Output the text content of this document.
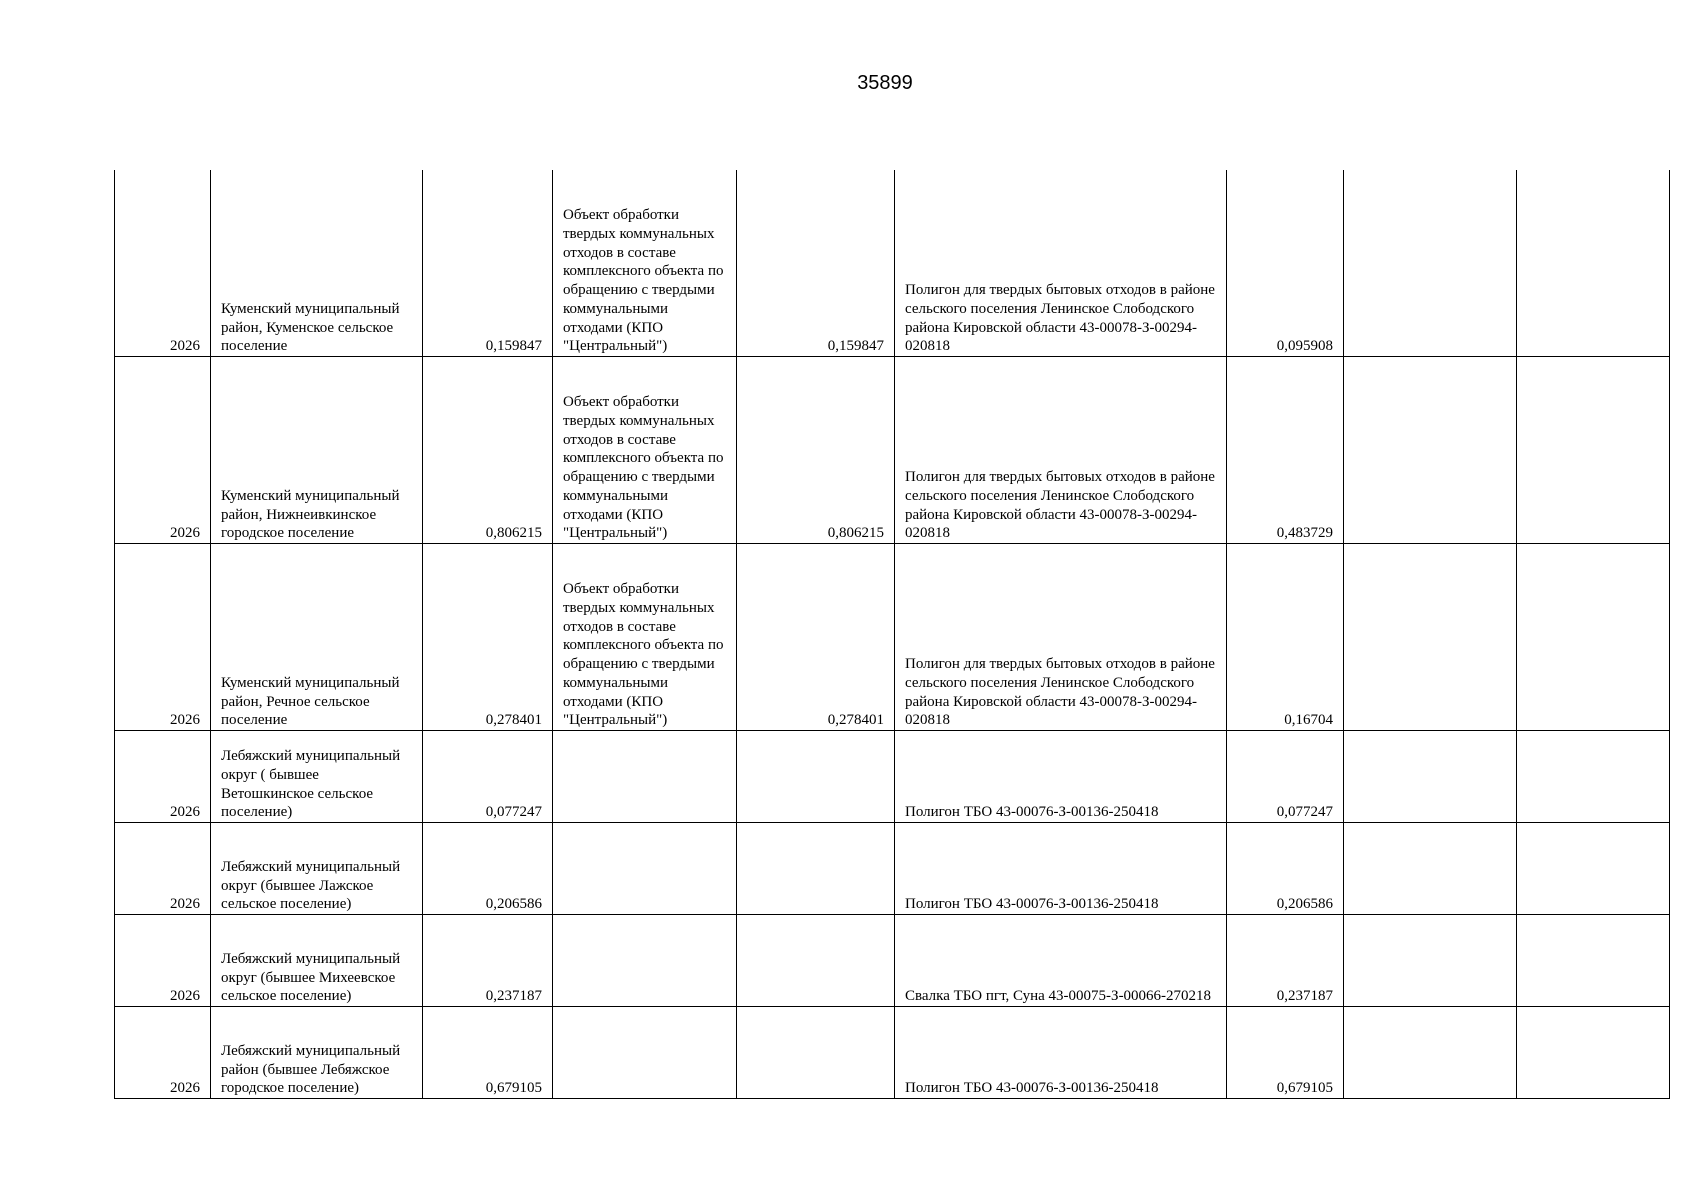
35899
2026	Куменский муниципальный район, Куменское сельское поселение	0,159847	Объект обработки твердых коммунальных отходов в составе комплексного объекта по обращению с твердыми коммунальными отходами (КПО "Центральный")	0,159847	Полигон для твердых бытовых отходов в районе сельского поселения Ленинское Слободского района Кировской области 43-00078-З-00294-020818	0,095908		
2026	Куменский муниципальный район, Нижнеивкинское городское поселение	0,806215	Объект обработки твердых коммунальных отходов в составе комплексного объекта по обращению с твердыми коммунальными отходами (КПО "Центральный")	0,806215	Полигон для твердых бытовых отходов в районе сельского поселения Ленинское Слободского района Кировской области 43-00078-З-00294-020818	0,483729		
2026	Куменский муниципальный район, Речное сельское поселение	0,278401	Объект обработки твердых коммунальных отходов в составе комплексного объекта по обращению с твердыми коммунальными отходами (КПО "Центральный")	0,278401	Полигон для твердых бытовых отходов в районе сельского поселения Ленинское Слободского района Кировской области 43-00078-З-00294-020818	0,16704		
2026	Лебяжский муниципальный округ ( бывшее Ветошкинское сельское поселение)	0,077247			Полигон ТБО 43-00076-З-00136-250418	0,077247		
2026	Лебяжский муниципальный округ (бывшее Лажское сельское поселение)	0,206586			Полигон ТБО 43-00076-З-00136-250418	0,206586		
2026	Лебяжский муниципальный округ (бывшее Михеевское сельское поселение)	0,237187			Свалка ТБО пгт, Суна 43-00075-З-00066-270218	0,237187		
2026	Лебяжский муниципальный район (бывшее Лебяжское городское поселение)	0,679105			Полигон ТБО 43-00076-З-00136-250418	0,679105		
